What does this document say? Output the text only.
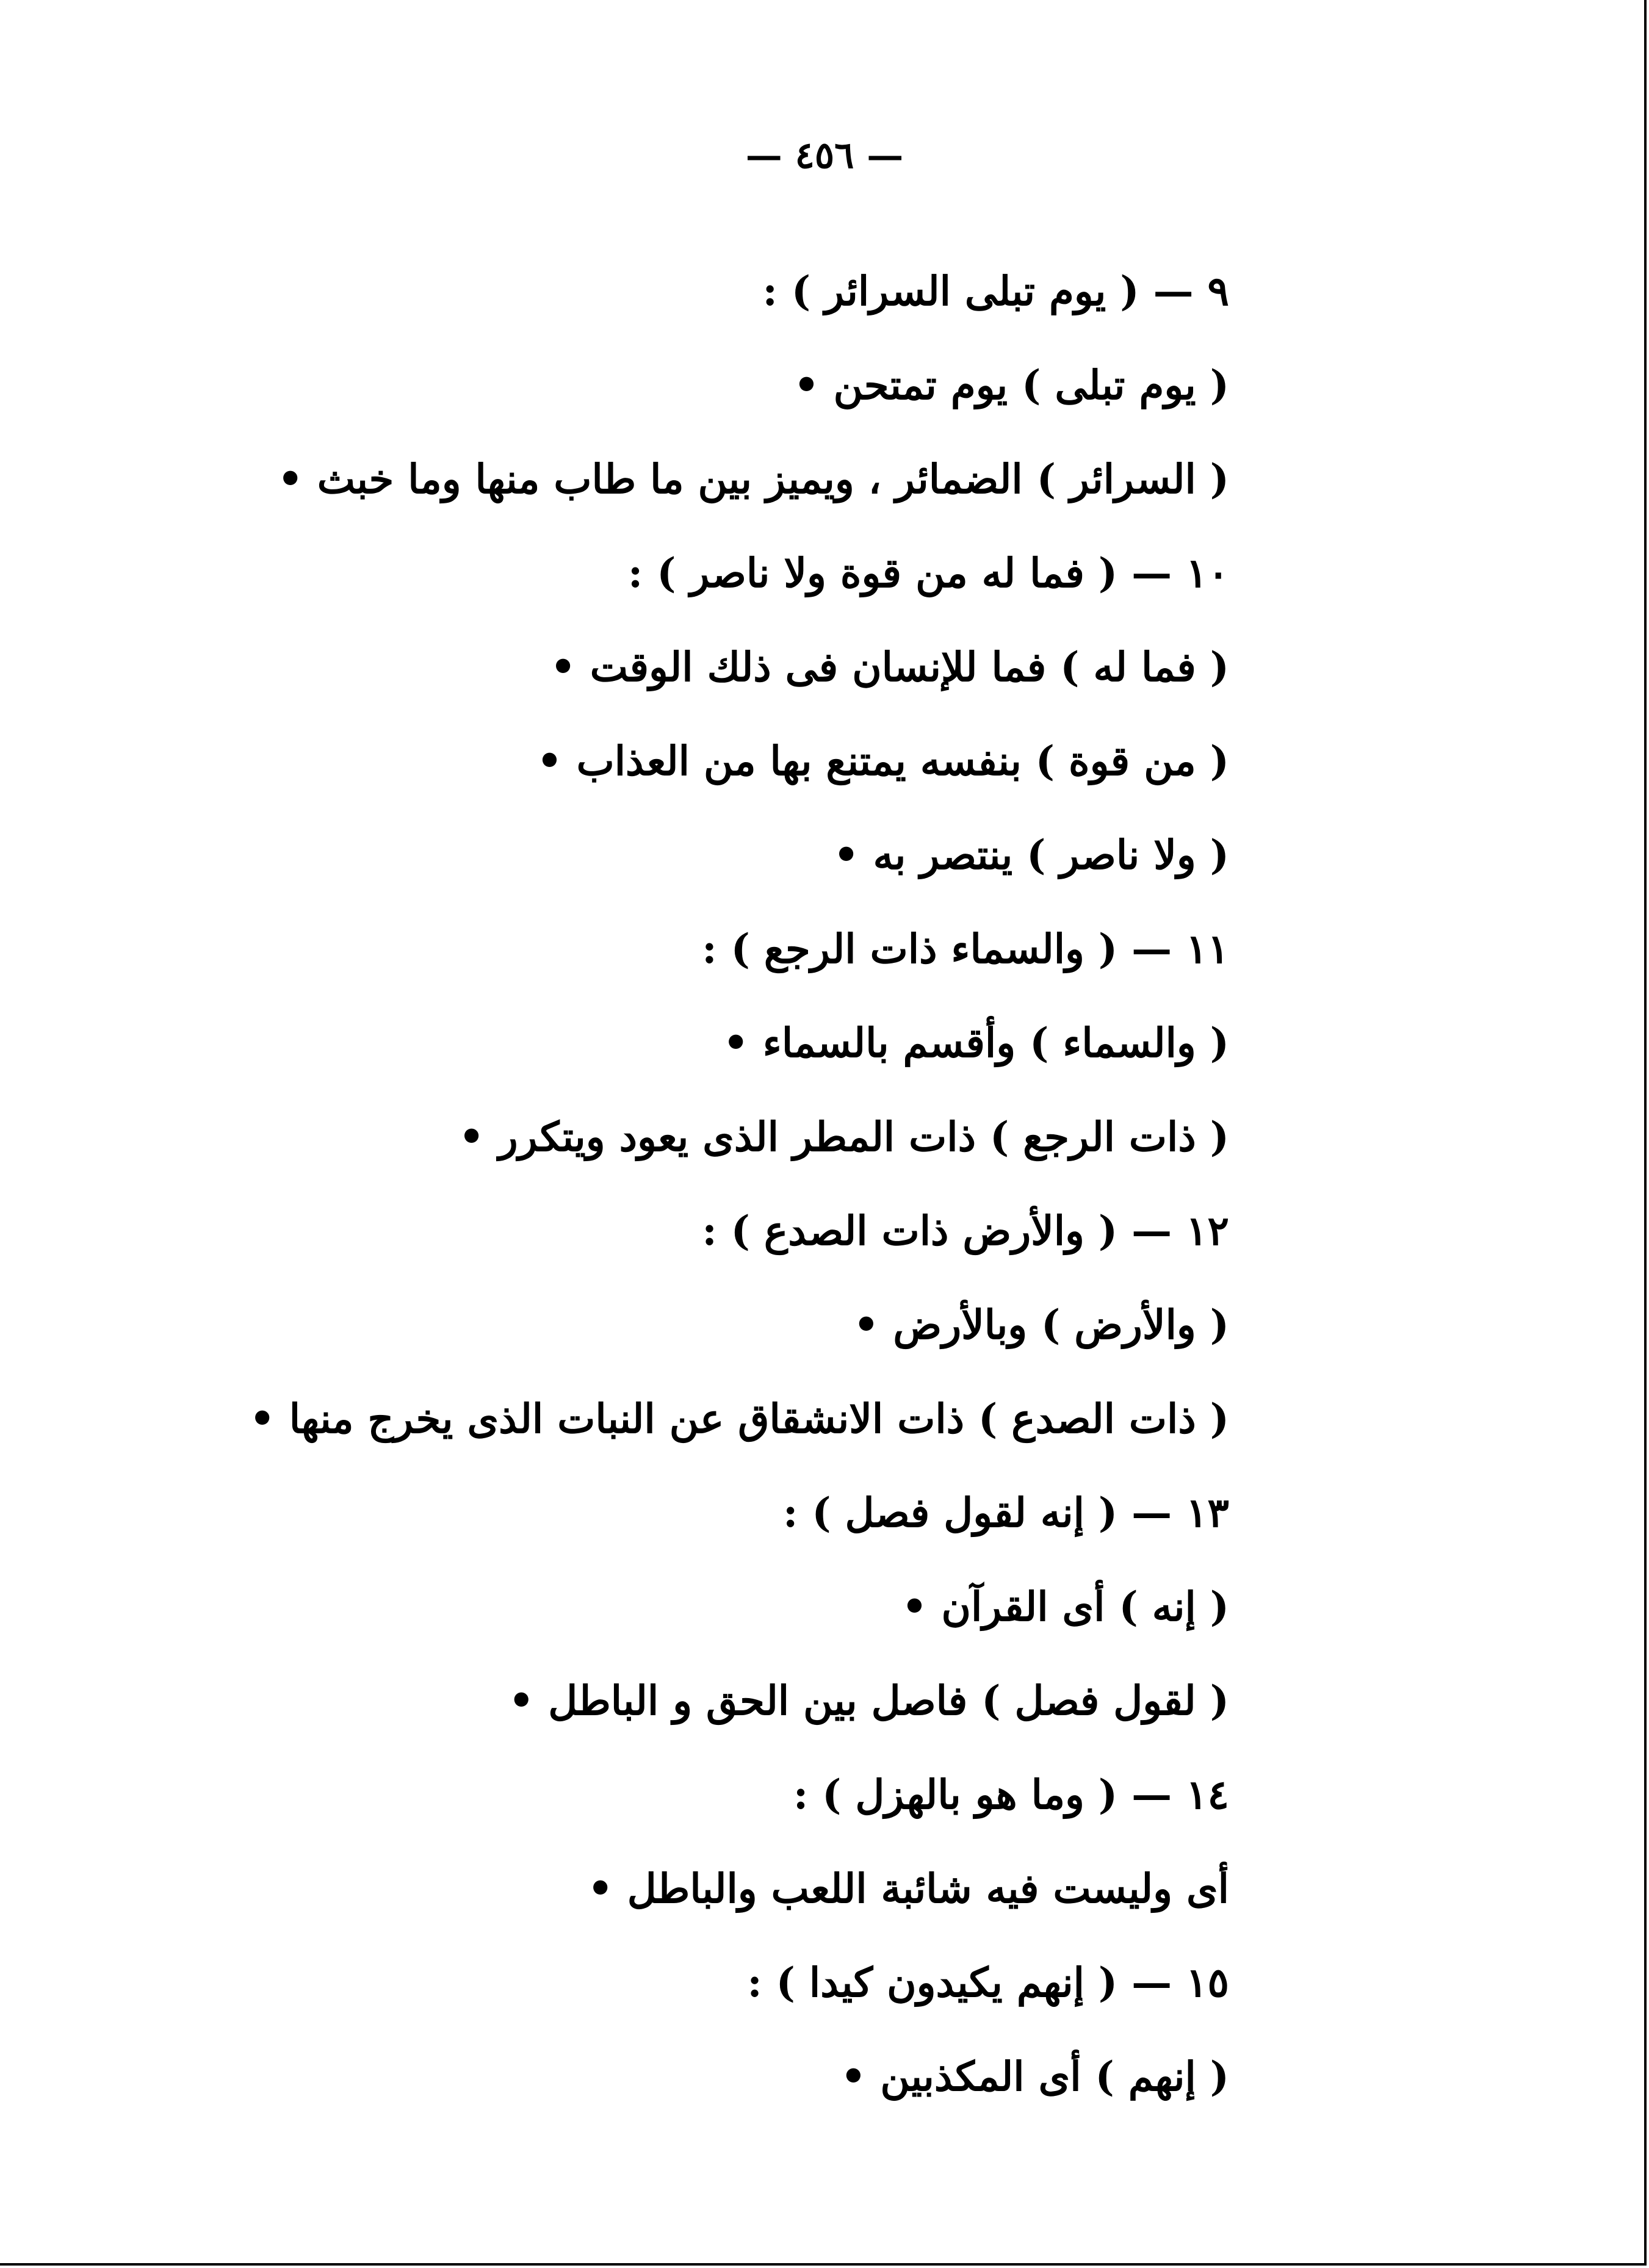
— ٤٥٦ —
٩ — ( يوم تبلى السرائر ) :
( يوم تبلى ) يوم تمتحن •
( السرائر ) الضمائر ، ويميز بين ما طاب منها وما خبث •
١٠ — ( فما له من قوة ولا ناصر ) :
( فما له ) فما للإنسان فى ذلك الوقت •
( من قوة ) بنفسه يمتنع بها من العذاب •
( ولا ناصر ) ينتصر به •
١١ — ( والسماء ذات الرجع ) :
( والسماء ) وأقسم بالسماء •
( ذات الرجع ) ذات المطر الذى يعود ويتكرر •
١٢ — ( والأرض ذات الصدع ) :
( والأرض ) وبالأرض •
( ذات الصدع ) ذات الانشقاق عن النبات الذى يخرج منها •
١٣ — ( إنه لقول فصل ) :
( إنه ) أى القرآن •
( لقول فصل ) فاصل بين الحق و الباطل •
١٤ — ( وما هو بالهزل ) :
أى وليست فيه شائبة اللعب والباطل •
١٥ — ( إنهم يكيدون كيدا ) :
( إنهم ) أى المكذبين •
